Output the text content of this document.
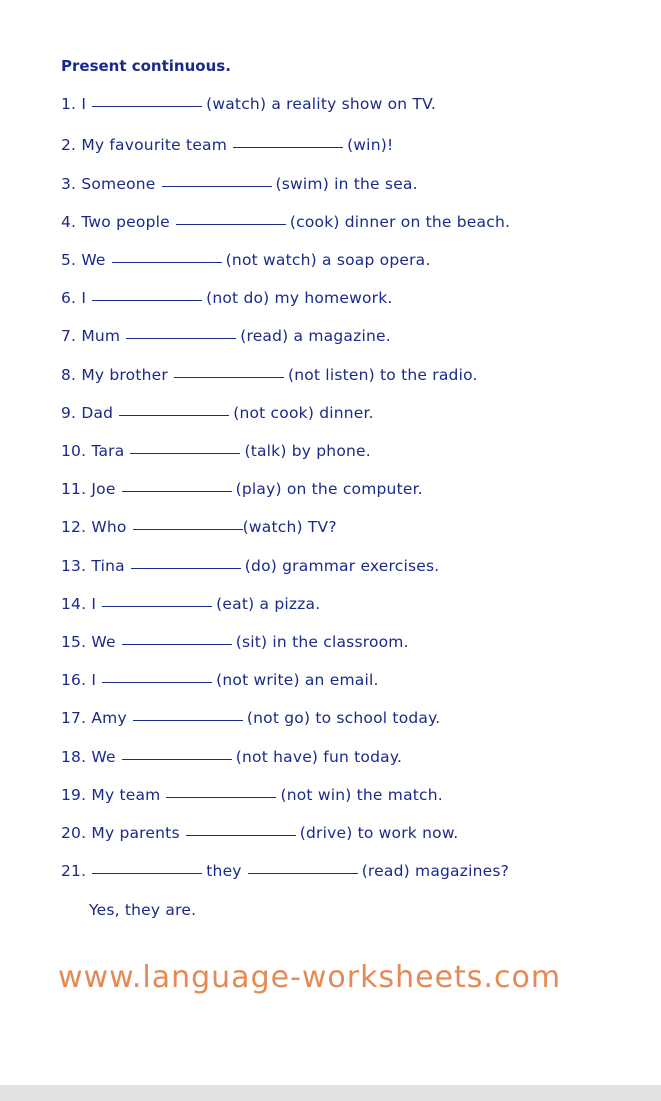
Present continuous.
1. I	(watch) a reality show on TV.
2. My favourite team	(win)!
3. Someone	(swim) in the sea.
4. Two people	(cook) dinner on the beach.
5. We	(not watch) a soap opera.
6. I	(not do) my homework.
7. Mum	(read) a magazine.
8. My brother	(not listen) to the radio.
9. Dad	(not cook) dinner.
10. Tara	(talk) by phone.
11. Joe	(play) on the computer.
12. Who	(watch) TV?
13. Tina	(do) grammar exercises.
14. I	(eat) a pizza.
15. We	(sit) in the classroom.
16. I	(not write) an email.
17. Amy	(not go) to school today.
18. We	(not have) fun today.
19. My team	(not win) the match.
20. My parents	(drive) to work now.
21.	they	(read) magazines?
Yes, they are.
www.language-worksheets.com
